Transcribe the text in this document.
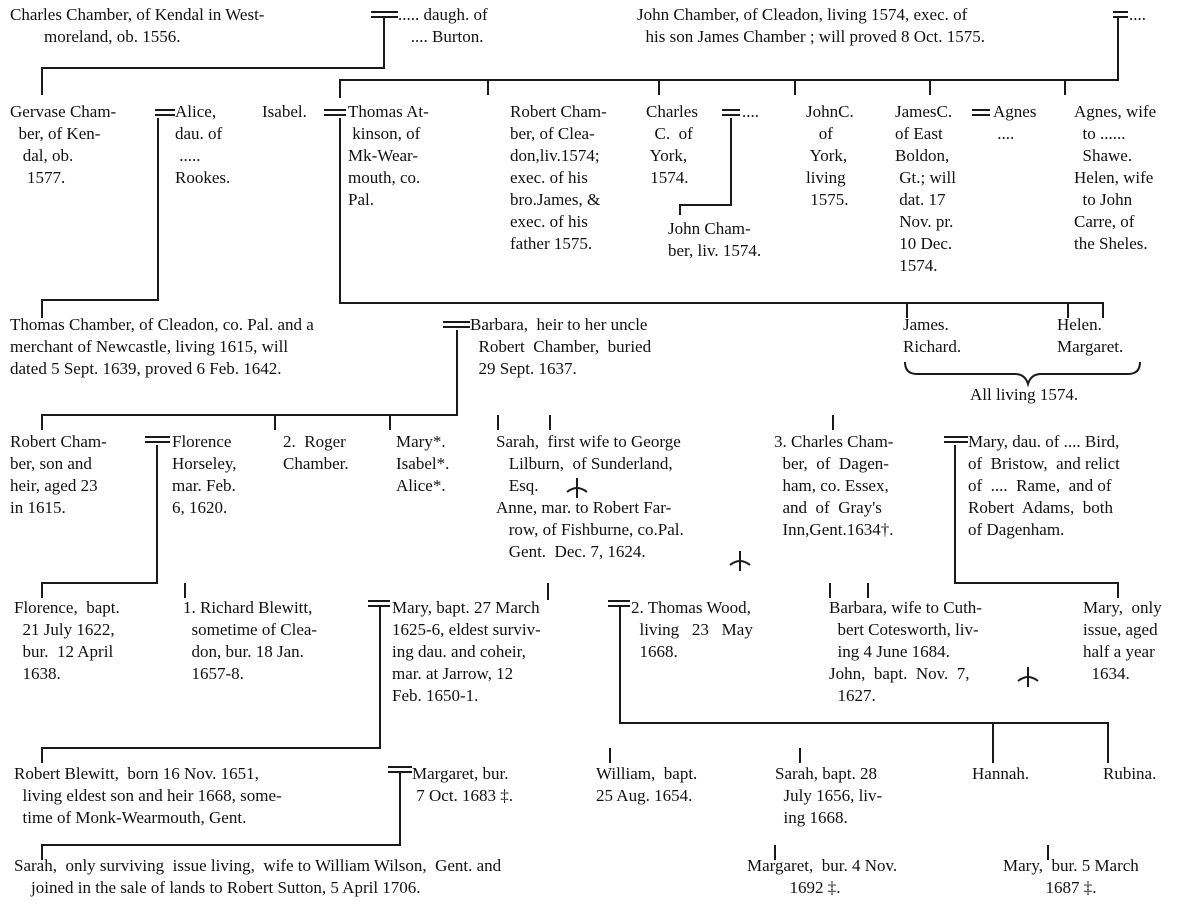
Charles Chamber, of Kendal in West-
moreland, ob. 1556.
..... daugh. of
.... Burton.
John Chamber, of Cleadon, living 1574, exec. of
his son James Chamber ; will proved 8 Oct. 1575.
....
Gervase Cham-
ber, of Ken-
dal, ob.
1577.
Alice,
dau. of
.....
Rookes.
Isabel.	Thomas At-
kinson, of
Mk-Wear-
mouth, co.
Pal.
Robert Cham-
ber, of Clea-
don,liv.1574;
exec. of his
bro.James, &
exec. of his
father 1575.
Charles
C.  of
York,
1574.
....
John Cham-
ber, liv. 1574.
JohnC.
of
York,
living
1575.
JamesC.
of East
Boldon,
Gt.; will
dat. 17
Nov. pr.
10 Dec.
1574.
Agnes
....
Agnes, wife
to ......
Shawe.
Helen, wife
to John
Carre, of
the Sheles.
Thomas Chamber, of Cleadon, co. Pal. and a
merchant of Newcastle, living 1615, will
dated 5 Sept. 1639, proved 6 Feb. 1642.
Barbara,  heir to her uncle
Robert  Chamber,  buried
29 Sept. 1637.
James.
Richard.
Helen.
Margaret.
All living 1574.
Robert Cham-
ber, son and
heir, aged 23
in 1615.
Florence
Horseley,
mar. Feb.
6, 1620.
2.  Roger
Chamber.
Mary*.
Isabel*.
Alice*.
Sarah,  first wife to George
Lilburn,  of Sunderland,
Esq.
Anne, mar. to Robert Far-
row, of Fishburne, co.Pal.
Gent.  Dec. 7, 1624.
3. Charles Cham-
ber,  of  Dagen-
ham, co. Essex,
and  of  Gray's
Inn,Gent.1634†.
Mary, dau. of .... Bird,
of  Bristow,  and relict
of  ....  Rame,  and of
Robert  Adams,  both
of Dagenham.
Florence,  bapt.
21 July 1622,
bur.  12 April
1638.
1. Richard Blewitt,
sometime of Clea-
don, bur. 18 Jan.
1657-8.
Mary, bapt. 27 March
1625-6, eldest surviv-
ing dau. and coheir,
mar. at Jarrow, 12
Feb. 1650-1.
2. Thomas Wood,
living   23   May
1668.
Barbara, wife to Cuth-
bert Cotesworth, liv-
ing 4 June 1684.
John,  bapt.  Nov.  7,
1627.
Mary,  only
issue, aged
half a year
1634.
Robert Blewitt,  born 16 Nov. 1651,
living eldest son and heir 1668, some-
time of Monk-Wearmouth, Gent.
Margaret, bur.
7 Oct. 1683 ‡.
William,  bapt.
25 Aug. 1654.
Sarah, bapt. 28
July 1656, liv-
ing 1668.
Hannah.	Rubina.
Sarah,  only surviving  issue living,  wife to William Wilson,  Gent. and
joined in the sale of lands to Robert Sutton, 5 April 1706.
Margaret,  bur. 4 Nov.
1692 ‡.
Mary,  bur. 5 March
1687 ‡.
